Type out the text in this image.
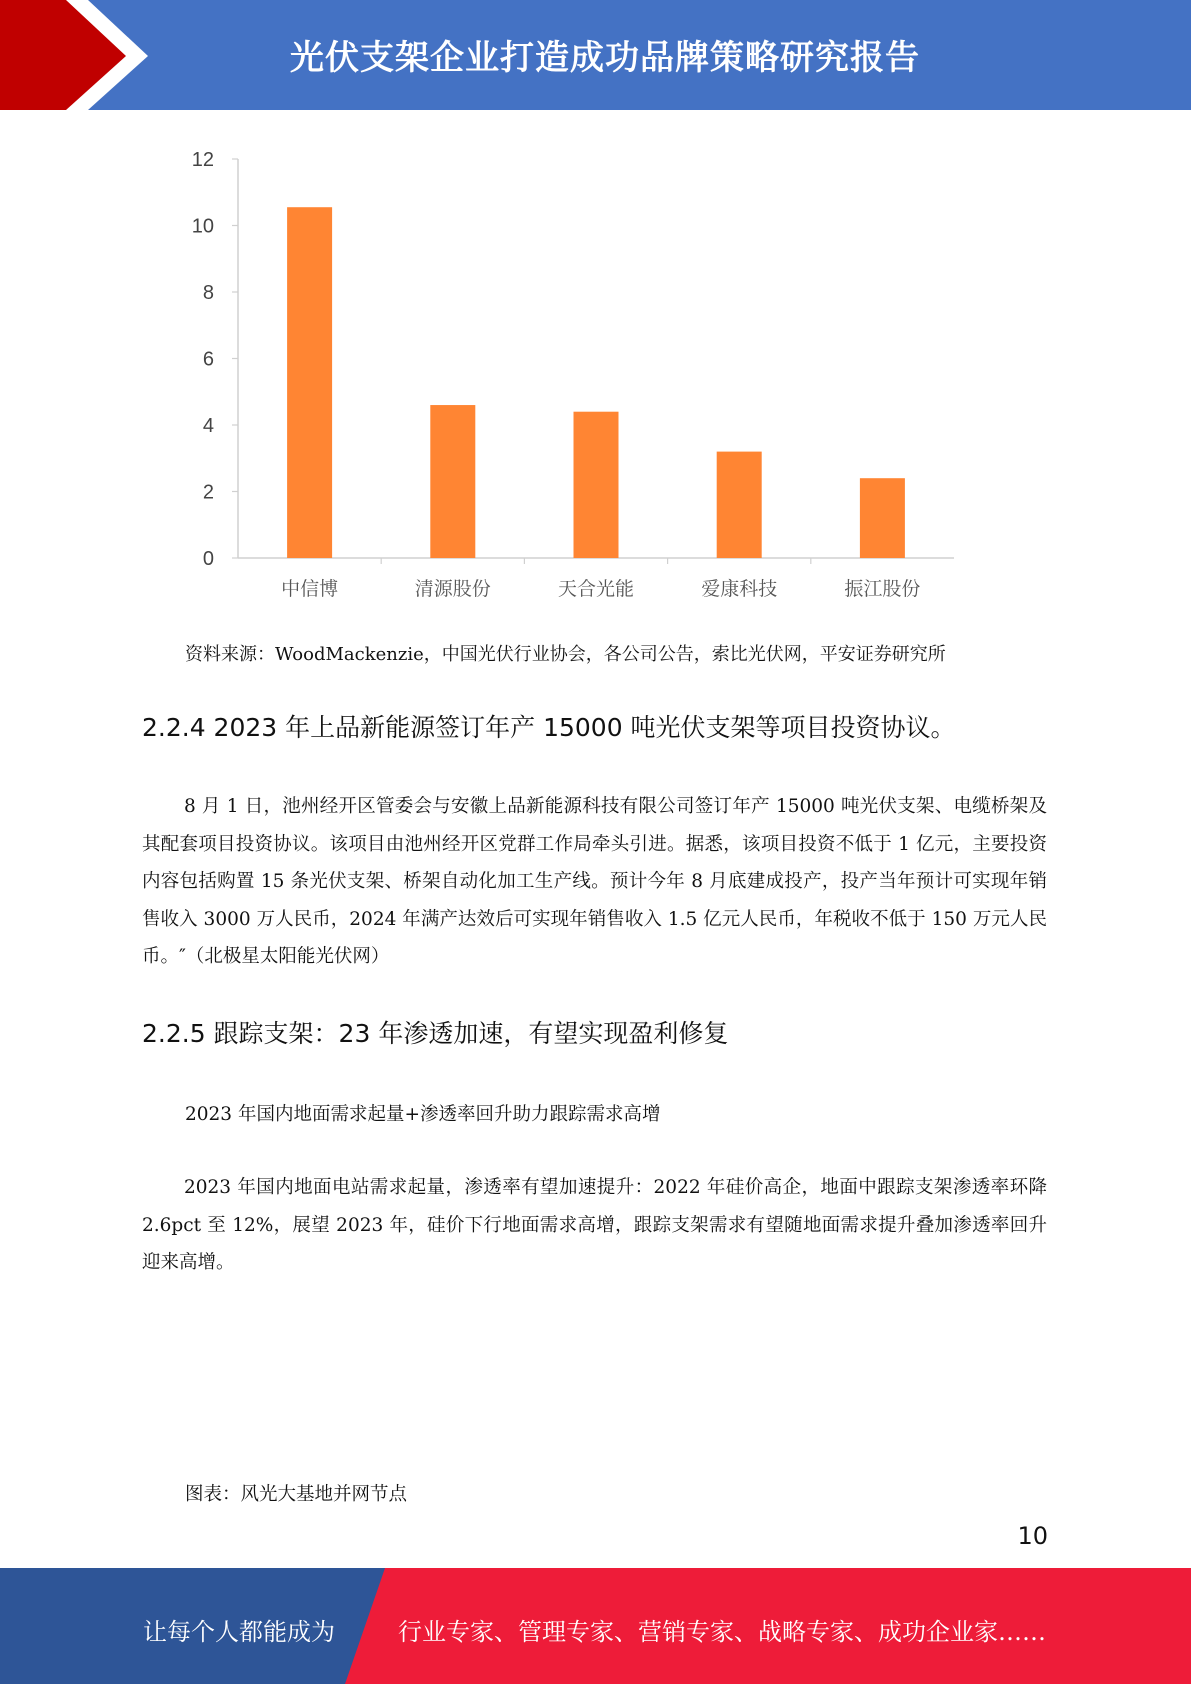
光伏支架企业打造成功品牌策略研究报告
0
2
4
6
8
10
12
中信博	清源股份	天合光能	爱康科技	振江股份
资料来源：WoodMackenzie，中国光伏行业协会，各公司公告，索比光伏网，平安证券研究所
2.2.4 2023 年上品新能源签订年产 15000 吨光伏支架等项目投资协议。
8 月 1 日，池州经开区管委会与安徽上品新能源科技有限公司签订年产 15000 吨光伏支架、电缆桥架及其配套项目投资协议。该项目由池州经开区党群工作局牵头引进。据悉，该项目投资不低于 1 亿元，主要投资内容包括购置 15 条光伏支架、桥架自动化加工生产线。预计今年 8 月底建成投产，投产当年预计可实现年销售收入 3000 万人民币，2024 年满产达效后可实现年销售收入 1.5 亿元人民币，年税收不低于 150 万元人民币。″（北极星太阳能光伏网）
2.2.5 跟踪支架：23 年渗透加速，有望实现盈利修复
2023 年国内地面需求起量+渗透率回升助力跟踪需求高增
2023 年国内地面电站需求起量，渗透率有望加速提升：2022 年硅价高企，地面中跟踪支架渗透率环降 2.6pct 至 12%，展望 2023 年，硅价下行地面需求高增，跟踪支架需求有望随地面需求提升叠加渗透率回升迎来高增。
图表：风光大基地并网节点
10
让每个人都能成为	行业专家、管理专家、营销专家、战略专家、成功企业家……
